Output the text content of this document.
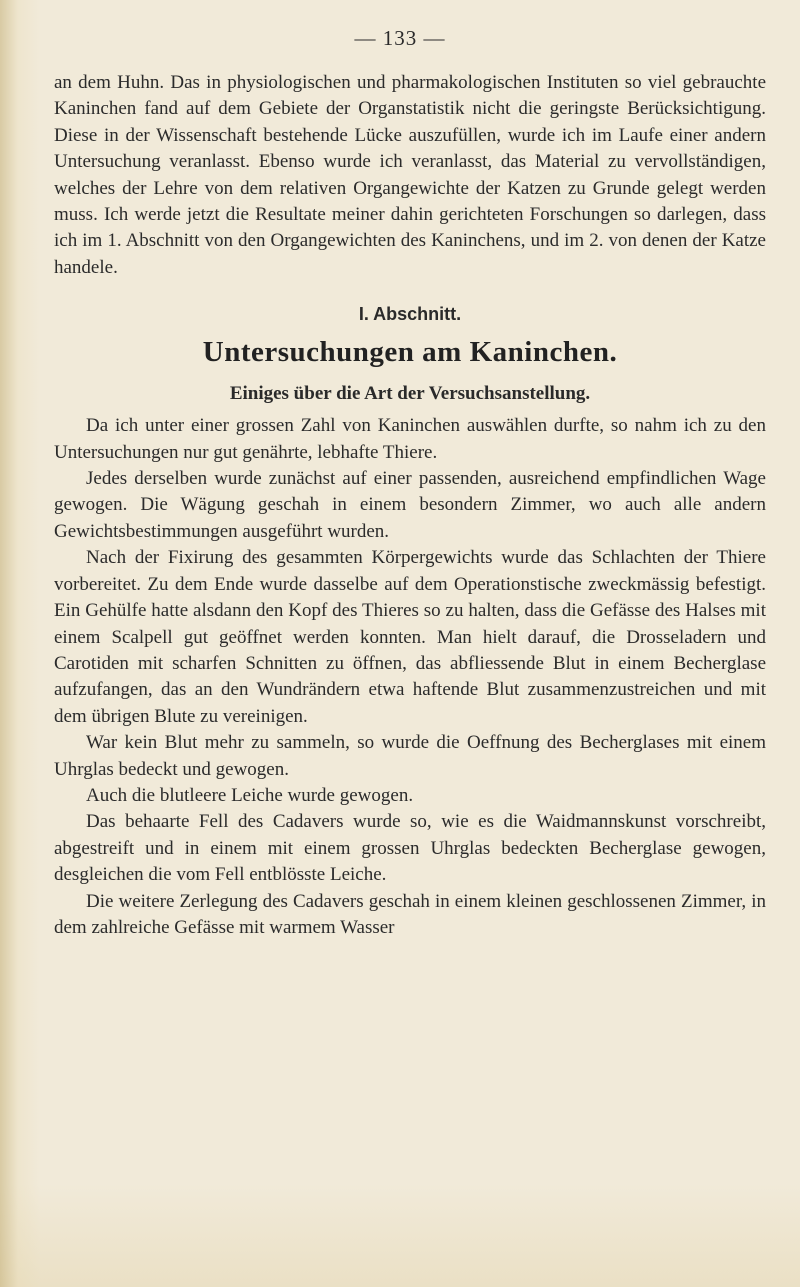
— 133 —

an dem Huhn. Das in physiologischen und pharmakologischen Instituten so viel gebrauchte Kaninchen fand auf dem Gebiete der Organstatistik nicht die geringste Berücksichtigung. Diese in der Wissenschaft bestehende Lücke auszufüllen, wurde ich im Laufe einer andern Untersuchung veranlasst. Ebenso wurde ich veranlasst, das Material zu vervollständigen, welches der Lehre von dem relativen Organgewichte der Katzen zu Grunde gelegt werden muss. Ich werde jetzt die Resultate meiner dahin gerichteten Forschungen so darlegen, dass ich im 1. Abschnitt von den Organgewichten des Kaninchens, und im 2. von denen der Katze handele.

I. Abschnitt.
Untersuchungen am Kaninchen.
Einiges über die Art der Versuchsanstellung.

Da ich unter einer grossen Zahl von Kaninchen auswählen durfte, so nahm ich zu den Untersuchungen nur gut genährte, lebhafte Thiere.

Jedes derselben wurde zunächst auf einer passenden, ausreichend empfindlichen Wage gewogen. Die Wägung geschah in einem besondern Zimmer, wo auch alle andern Gewichtsbestimmungen ausgeführt wurden.

Nach der Fixirung des gesammten Körpergewichts wurde das Schlachten der Thiere vorbereitet. Zu dem Ende wurde dasselbe auf dem Operationstische zweckmässig befestigt. Ein Gehülfe hatte alsdann den Kopf des Thieres so zu halten, dass die Gefässe des Halses mit einem Scalpell gut geöffnet werden konnten. Man hielt darauf, die Drosseladern und Carotiden mit scharfen Schnitten zu öffnen, das abfliessende Blut in einem Becherglase aufzufangen, das an den Wundrändern etwa haftende Blut zusammenzustreichen und mit dem übrigen Blute zu vereinigen.

War kein Blut mehr zu sammeln, so wurde die Oeffnung des Becherglases mit einem Uhrglas bedeckt und gewogen.

Auch die blutleere Leiche wurde gewogen.

Das behaarte Fell des Cadavers wurde so, wie es die Waidmannskunst vorschreibt, abgestreift und in einem mit einem grossen Uhrglas bedeckten Becherglase gewogen, desgleichen die vom Fell entblösste Leiche.

Die weitere Zerlegung des Cadavers geschah in einem kleinen geschlossenen Zimmer, in dem zahlreiche Gefässe mit warmem Wasser
